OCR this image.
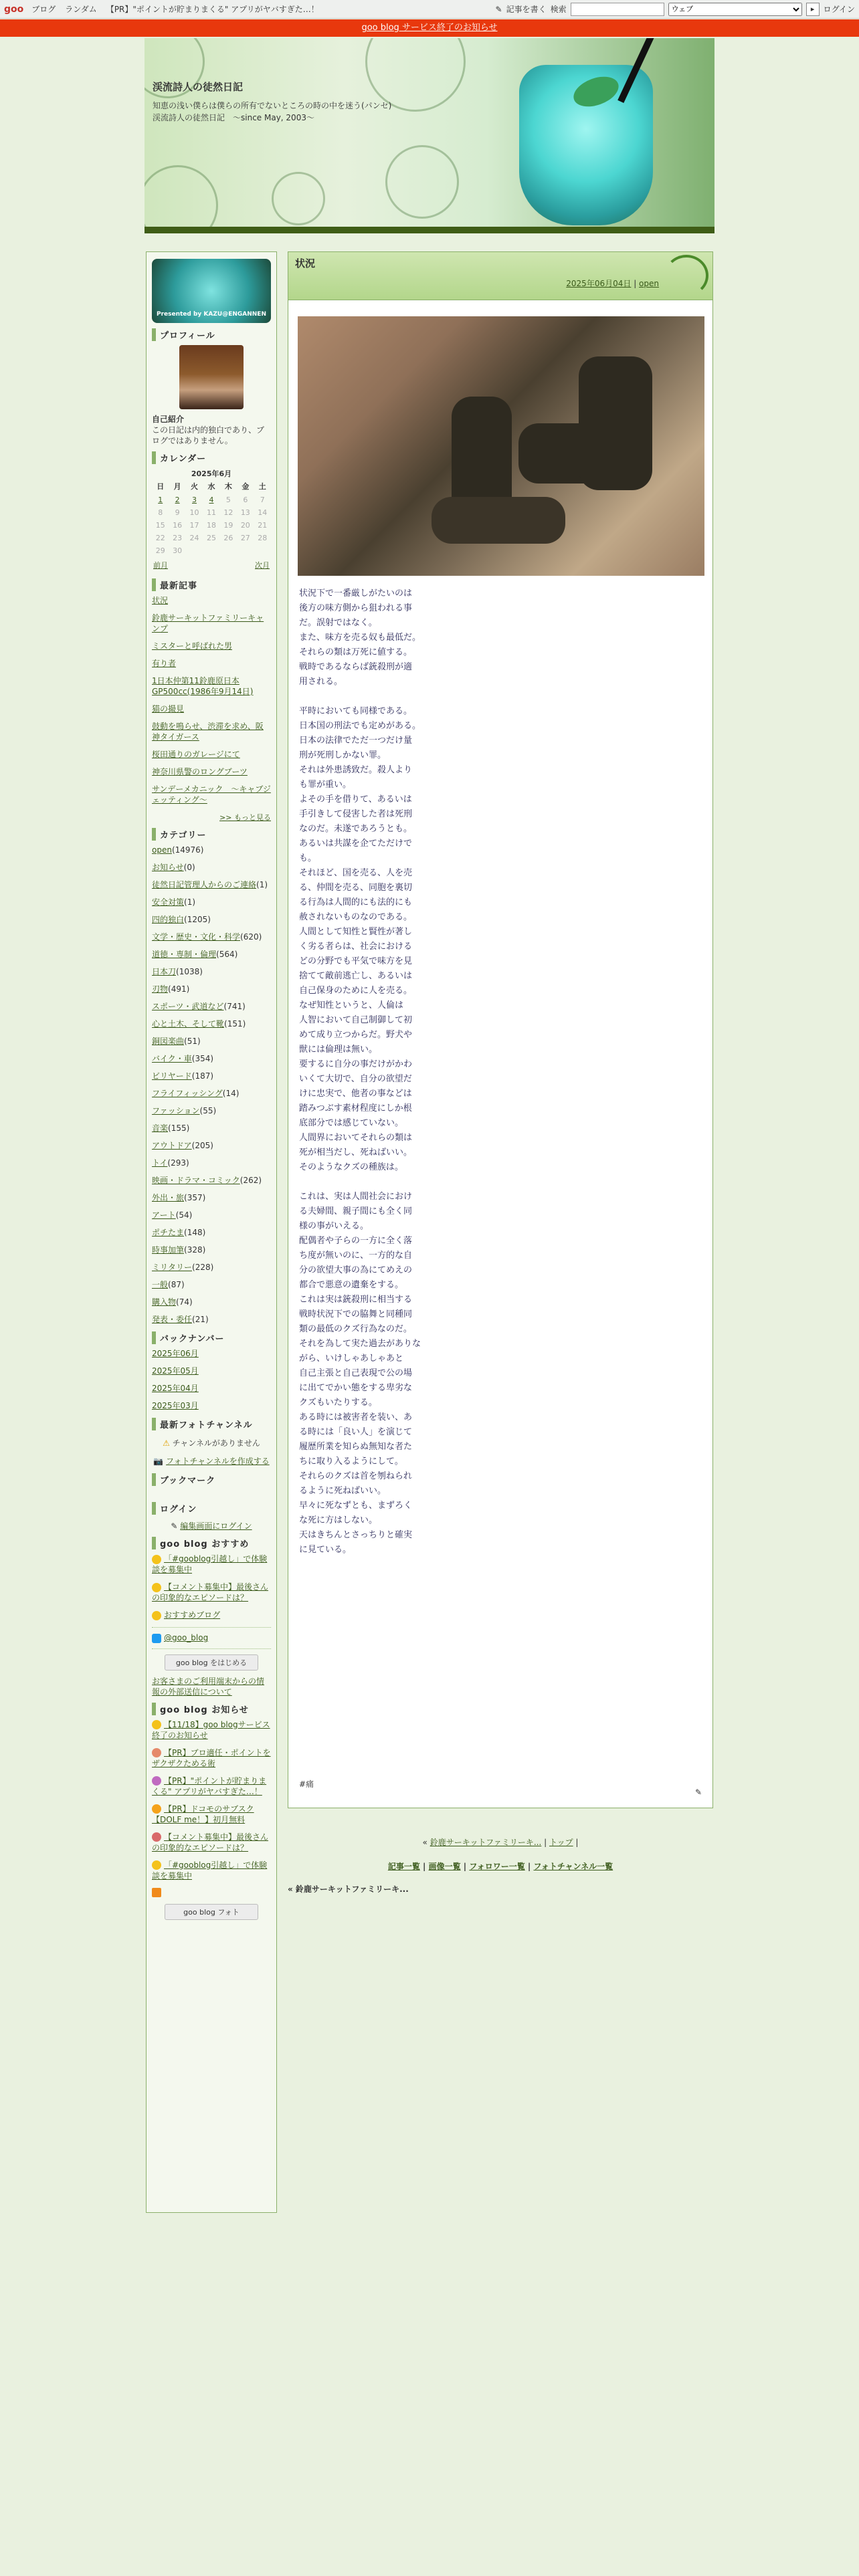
goo ブログ ランダム 【PR】"ポイントが貯まりまくる" アプリがヤバすぎた…！	✎ 記事を書く 検索
ウェブ	▸	ログイン
goo blog サービス終了のお知らせ
渓流詩人の徒然日記
知恵の浅い僕らは僕らの所有でないところの時の中を迷う(パンセ)　渓流詩人の徒然日記　～since May, 2003～
Presented by KAZU@ENGANNEN
プロフィール
自己紹介
この日記は内的独白であり、ブログではありません。
カレンダー
2025年6月
日	月	火	水	木	金	土
1	2	3	4	5	6	7
8	9	10	11	12	13	14
15	16	17	18	19	20	21
22	23	24	25	26	27	28
29	30					
前月	次月
最新記事
状況
鈴鹿サーキットファミリーキャンプ
ミスターと呼ばれた男
有り者
1日本仲第11鈴鹿原日本GP500cc(1986年9月14日)
猫の撮見
鼓動を鳴らせ、渋滞を求め、阪神タイガース
桜田通りのガレージにて
神奈川県警のロングブーツ
サンデーメカニック　～キャブジェッティング～
>> もっと見る
カテゴリー
open(14976)
お知らせ(0)
徒然日記管理人からのご連絡(1)
安全対策(1)
四的独白(1205)
文学・歴史・文化・科学(620)
道徳・専制・倫理(564)
日本刀(1038)
刃物(491)
スポーツ・武道など(741)
心と土木、そして靴(151)
銅図楽曲(51)
バイク・車(354)
ビリヤード(187)
フライフィッシング(14)
ファッション(55)
音楽(155)
アウトドア(205)
トイ(293)
映画・ドラマ・コミック(262)
外出・旅(357)
アート(54)
ポチたま(148)
時事加筆(328)
ミリタリー(228)
一般(87)
購入物(74)
発表・委任(21)
バックナンバー
2025年06月
2025年05月
2025年04月
2025年03月
最新フォトチャンネル
⚠ チャンネルがありません
📷 フォトチャンネルを作成する
ブックマーク
ログイン
✎ 編集画面にログイン
goo blog おすすめ
「#gooblog引越し」で体験談を募集中
【コメント募集中】最後さんの印象的なエピソードは？
おすすめブログ
@goo_blog
goo blog をはじめる
お客さまのご利用端末からの情報の外部送信について
goo blog お知らせ
【11/18】goo blogサービス終了のお知らせ
【PR】ブロ適任・ポイントをザクザクためる術
【PR】"ポイントが貯まりまくる" アプリがヤバすぎた…！
【PR】ドコモのサブスク【DOLF me！】初月無料
【コメント募集中】最後さんの印象的なエピソードは？
「#gooblog引越し」で体験談を募集中
goo blog フォト
状況
2025年06月04日 | open
状況下で一番厳しがたいのは
後方の味方側から狙われる事
だ。誤射ではなく。
また、味方を売る奴も最低だ。
それらの類は万死に値する。
戦時であるならば銃殺刑が適
用される。

平時においても同様である。
日本国の刑法でも定めがある。
日本の法律でただ一つだけ量
刑が死刑しかない罪。
それは外患誘致だ。殺人より
も罪が重い。
よその手を借りて、あるいは
手引きして侵害した者は死刑
なのだ。未遂であろうとも。
あるいは共謀を企てただけで
も。
それほど、国を売る、人を売
る、仲間を売る、同胞を裏切
る行為は人間的にも法的にも
赦されないものなのである。
人間として知性と賢性が著し
く劣る者らは、社会における
どの分野でも平気で味方を見
捨てて敵前逃亡し、あるいは
自己保身のために人を売る。
なぜ知性というと、人倫は
人智において自己制御して初
めて成り立つからだ。野犬や
獣には倫理は無い。
要するに自分の事だけがかわ
いくて大切で、自分の欲望だ
けに忠実で、他者の事などは
踏みつぶす素材程度にしか根
底部分では感じていない。
人間界においてそれらの類は
死が相当だし、死ねばいい。
そのようなクズの種族は。

これは、実は人間社会におけ
る夫婦間、親子間にも全く同
様の事がいえる。
配偶者や子らの一方に全く落
ち度が無いのに、一方的な自
分の欲望大事の為にてめえの
都合で悪意の遺棄をする。
これは実は銃殺刑に相当する
戦時状況下での脇舞と同種同
類の最低のクズ行為なのだ。
それを為して実た過去がありな
がら、いけしゃあしゃあと
自己主張と自己表現で公の場
に出てでかい態をする卑劣な
クズもいたりする。
ある時には被害者を装い、あ
る時には「良い人」を演じて
履歴所業を知らぬ無知な者た
ちに取り入るようにして。
それらのクズは首を刎ねられ
るように死ねばいい。
早々に死なずとも、まずろく
な死に方はしない。
天はきちんとさっちりと確実
に見ている。
#痛
✎
« 鈴鹿サーキットファミリーキ... | トップ |
記事一覧 | 画像一覧 | フォロワー一覧 | フォトチャンネル一覧
« 鈴鹿サーキットファミリーキ...
